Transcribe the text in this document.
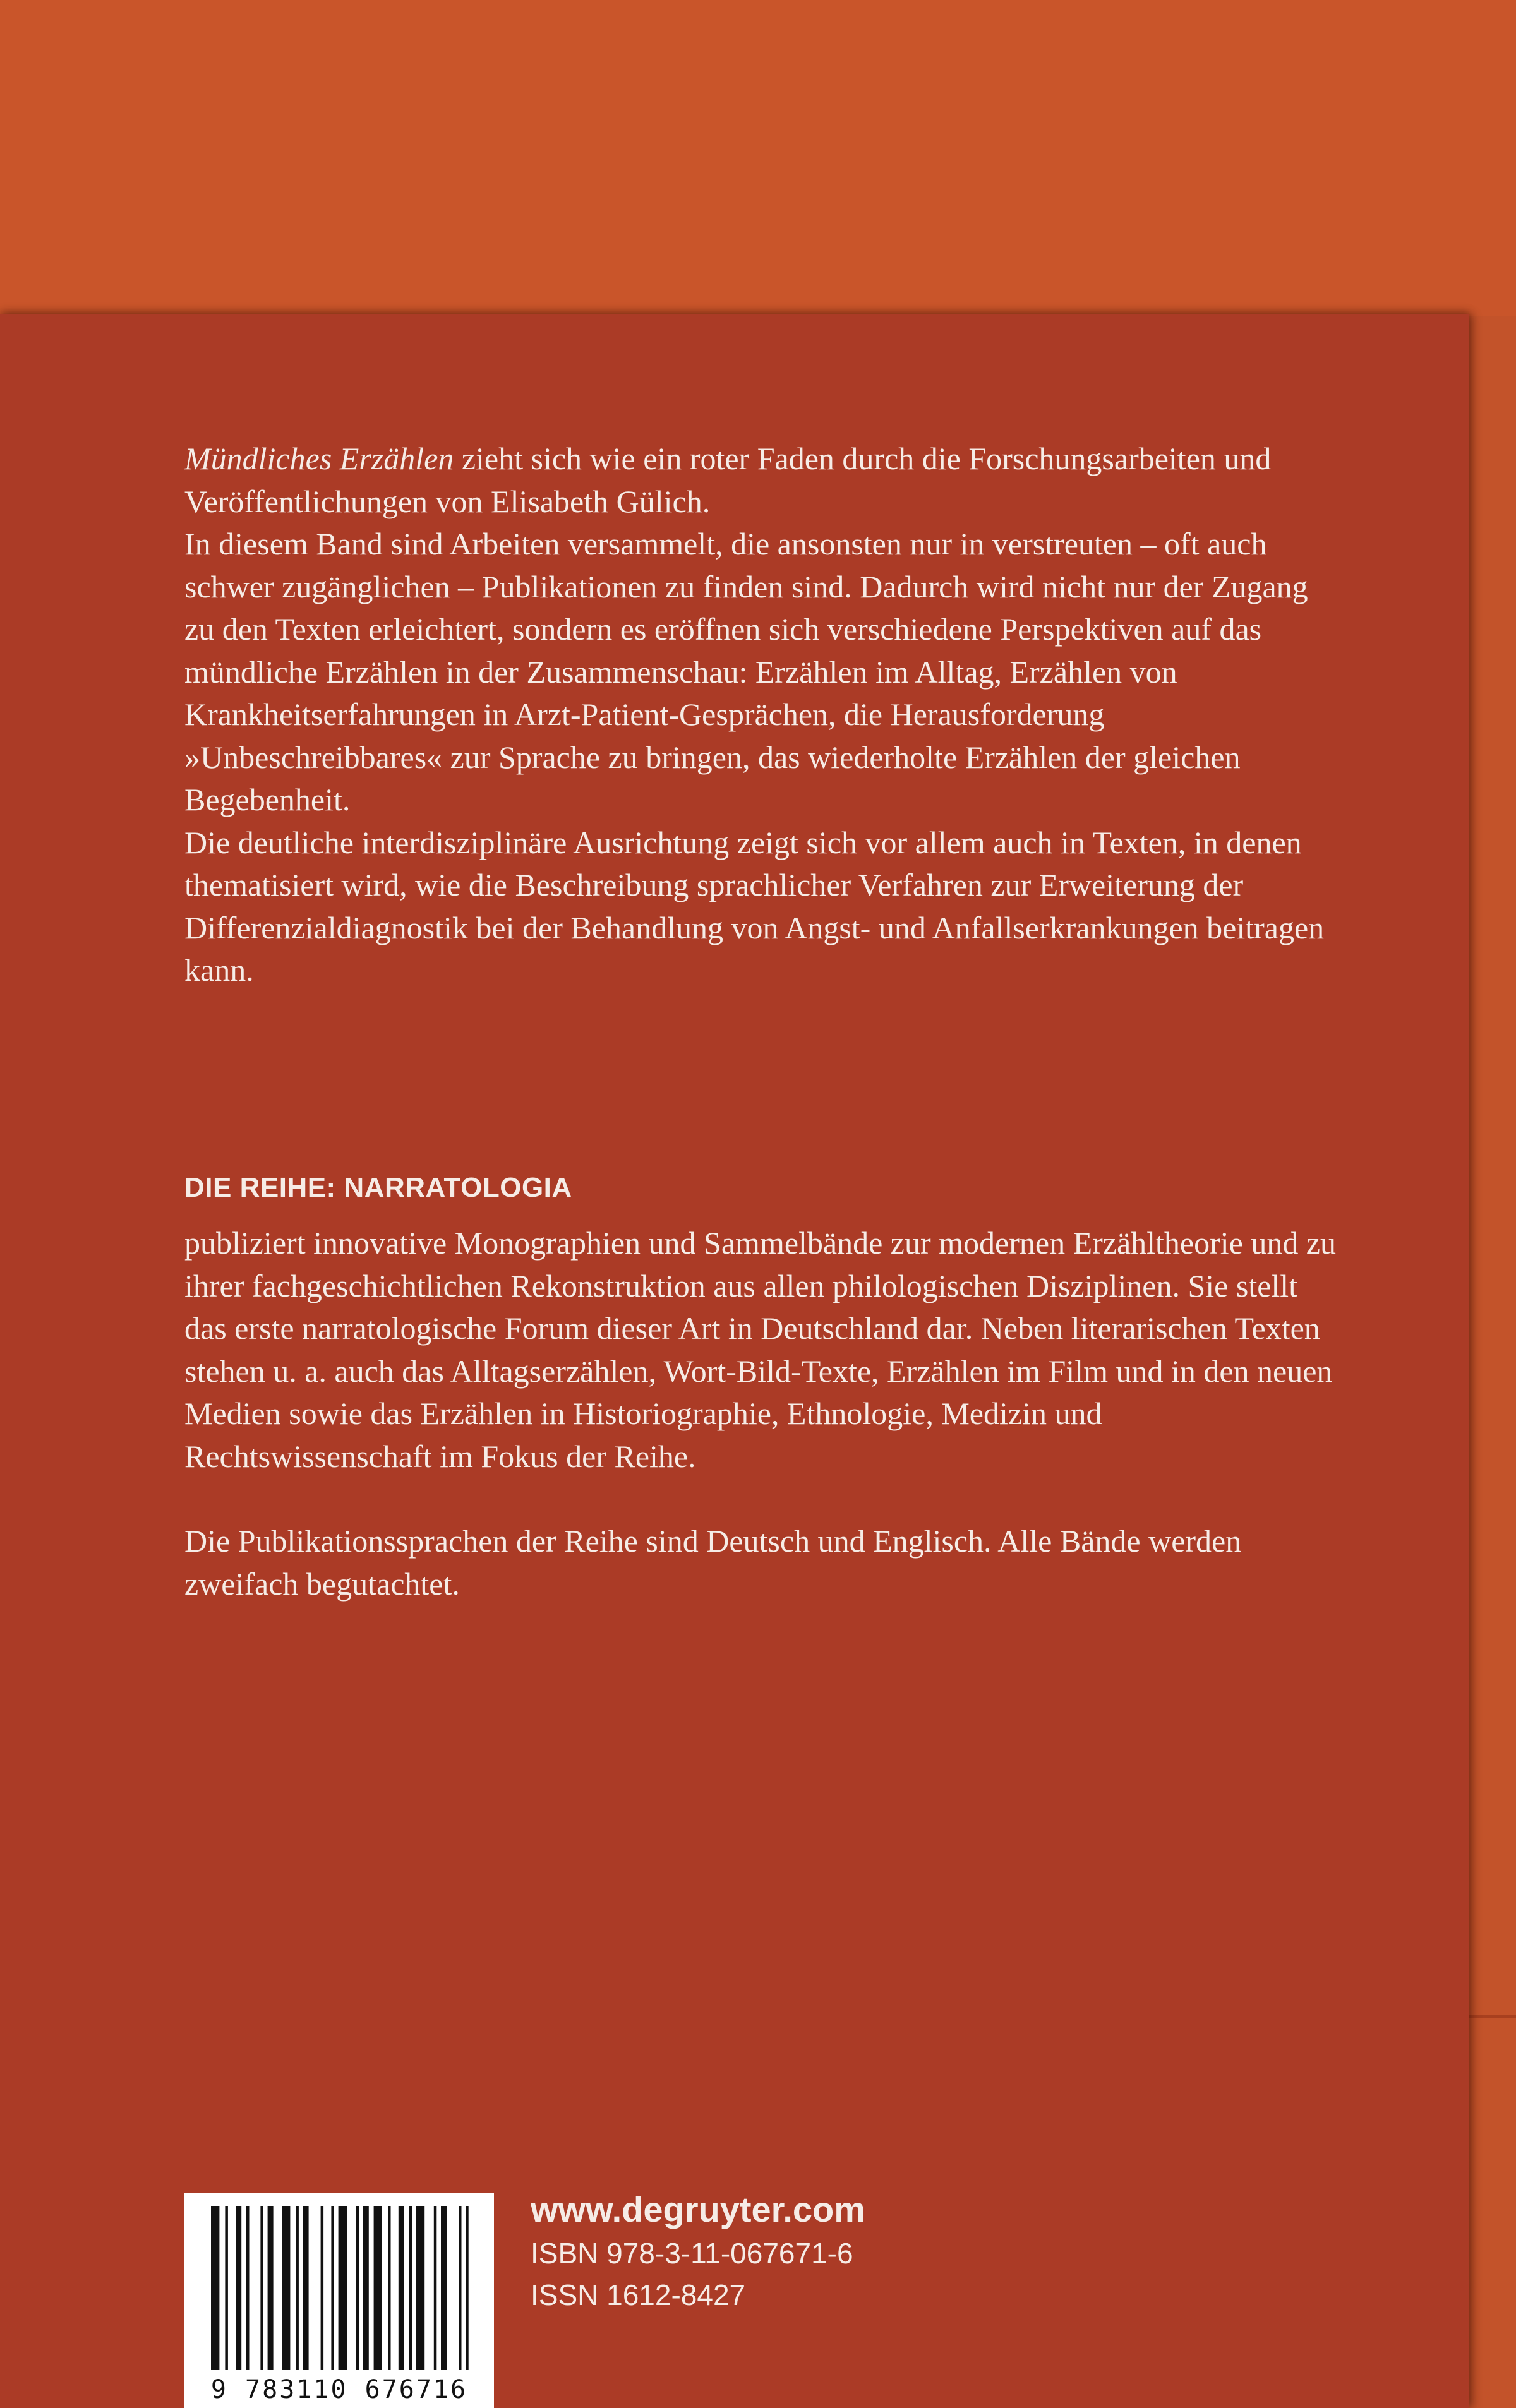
Mündliches Erzählen zieht sich wie ein roter Faden durch die Forschungsarbeiten und Veröffentlichungen von Elisabeth Gülich.

In diesem Band sind Arbeiten versammelt, die ansonsten nur in verstreuten – oft auch schwer zugänglichen – Publikationen zu finden sind. Dadurch wird nicht nur der Zugang zu den Texten erleichtert, sondern es eröffnen sich verschiedene Perspektiven auf das mündliche Erzählen in der Zusammenschau: Erzählen im Alltag, Erzählen von Krankheitserfahrungen in Arzt-Patient-Gesprächen, die Herausforderung »Unbeschreibbares« zur Sprache zu bringen, das wiederholte Erzählen der gleichen Begebenheit.

Die deutliche interdisziplinäre Ausrichtung zeigt sich vor allem auch in Texten, in denen thematisiert wird, wie die Beschreibung sprachlicher Verfahren zur Erweiterung der Differenzialdiagnostik bei der Behandlung von Angst- und Anfallserkrankungen beitragen kann.

DIE REIHE: NARRATOLOGIA

publiziert innovative Monographien und Sammelbände zur modernen Erzähltheorie und zu ihrer fachgeschichtlichen Rekonstruktion aus allen philologischen Disziplinen. Sie stellt das erste narratologische Forum dieser Art in Deutschland dar. Neben literarischen Texten stehen u. a. auch das Alltagserzählen, Wort-Bild-Texte, Erzählen im Film und in den neuen Medien sowie das Erzählen in Historiographie, Ethnologie, Medizin und Rechtswissenschaft im Fokus der Reihe.

Die Publikationssprachen der Reihe sind Deutsch und Englisch. Alle Bände werden zweifach begutachtet.

9 783110 676716
www.degruyter.com
ISBN 978-3-11-067671-6
ISSN 1612-8427
